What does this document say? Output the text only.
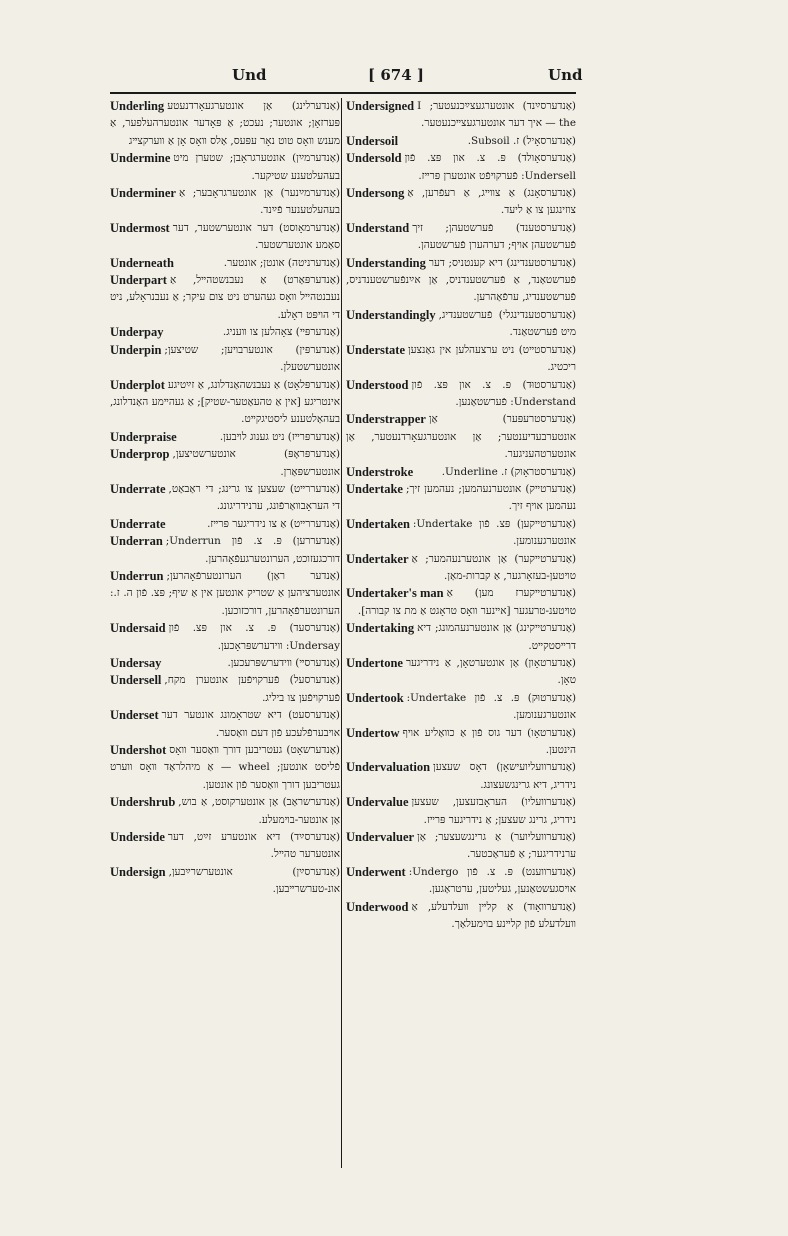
Und	[ 674 ]	Und

Underling (אַנדערלינג) אַן אונטערגעאָרדנעטע פּערזאָן; אונטער; נעכט; אַ פּאָדער אונטערהעלפער, אַ מענש װאָס טוט נאָר עפּעס, אַלס װאָס אָן אַ װערקצײג

Undermine (אַנדערמײַן) אונטערגראָבן; שטערן מיט בעהעלטענע שטיקער.

Underminer (אַנדערמײַנער) אַן אונטערגראָבער; אַ בעהעלטענער פֿײַנד.

Undermost (אַנדערמאָוסט) דער אונטערשטער, דער סאַמע אונטערשטער.

Underneath	(אַנדערניטה) אונטן; אונטער.

Underpart (אַנדערפּאַרט) אַ נעבנשטהײל, אַ נעבנטהײל װאָס געהערט ניט צום עיקר; אַ נעבנראָלע, ניט די הױפּט ראָלע.

Underpay	(אַנדערפּײ) צאָהלען צו װעניג.

Underpin (אַנדערפּין) אונטערבױען; שטיצען; אונטערשטעלן.

Underplot (אַנדערפּלאָט) אַ נעבנשהאַנדלונג, אַ זײַטיגע אינטריגע [אין אַ טהעאַטער-שטיק]; אַ געהײמע האַנדלונג, בעהאַלטענע ליסטיגקײט.

Underpraise	(אַנדערפּרײז) ניט גענוג לױבען.

Underprop (אַנדערפּראָפּ) אונטערשטיצען, אונטערשפּאַרן.

Underrate (אַנדעררײט) שעצען צו גרינג; די ראַבאַט, די העראָבװאַרפֿונג, ערנידריגונג.

Underrate	(אַנדעררײט) אַ צו נידריגער פּרײז.

Underran (אַנדעררען) פּ. צ. פֿון Underrun; דורכגעזוכט, הערונטערגעפֿאָהרען.

Underrun (אַנדער ראַן) הערונטערפֿאָהרען; אונטערציהען אַ שטריק אונטען אין אַ שיף; פּצ. פֿון ה. ז.: הערונטערפֿאָהרען, דורכזוכען.

Undersaid (אַנדערסעד) פּ. צ. און פּצ. פֿון Undersay: װידערשפּראָכען.

Undersay	(אַנדערסײ) װידערשפּרעכען.

Undersell (אַנדערסעל) פֿערקױפֿען אונטערן מקח, פֿערקױפֿען צו ביליג.

Underset (אַנדערסעט) דיא שטראָמונג אונטער דער אױבערפֿלעכע פֿון דעם װאַסער.

Undershot (אַנדערשאָט) געטריבען דורך װאַסער װאָס פֿליסט אונטען; wheel — אַ מיהלראַד װאָס װערט געטריבען דורך װאַסער פֿון אונטען.

Undershrub (אַנדערשראַב) אַן אונטערקוסט, אַ בוש, אַן אונטער-בױמעלע.

Underside (אַנדערסײַד) דיא אונטערע זײַט, דער אונטערער טהײל.

Undersign (אַנדערסײַן) אונטערשרײַבען, אונ-טערשרײבען.

Undersigned (אַנדערסײַנד) אונטערגעצײַכנעטער; I the — איך דער אונטערגעצײכנעטער.

Undersoil	(אַנדערסאָיל) ז. Subsoil.

Undersold (אַנדערסאָולד) פּ. צ. און פּצ. פֿון Undersell: פֿערקױפֿט אונטערן פּרײז.

Undersong (אַנדערסאָנג) אַ צװײג, אַ רעפֿרען, אַ צוזינגען צו אַ ליעד.

Understand (אַנדערסטענד) פֿערשטעהן; זיך פֿערשטעהן אױף; דערהערן פֿערשטעהן.

Understanding (אַנדערסטענדינג) דיא קענטניס; דער פֿערשטאַנד, אַ פֿערשטענדניס, אַן אײַנפֿערשטענדניס, פֿערשטענדיג, ערפֿאַהרען.

Understandingly (אַנדערסטענדינגלי) פֿערשטענדיג, מיט פֿערשטאַנד.

Understate (אַנדערסטײט) ניט ערצעהלען אין גאַנצען ריכטיג.

Understood (אַנדערסטוּד) פּ. צ. און פּצ. פֿון Understand: פֿערשטאַנען.

Understrapper (אַנדערסטרעפּער) אַן אונטערבעדיענטער; אַן אונטערגעאָרדנעטער, אַן אונטערטהעניגער.

Understroke	(אַנדערסטראָוק) ז. Underline.

Undertake (אַנדערטײק) אונטערנעהמען; נעהמען זיך; נעהמען אױף זיך.

Undertaken (אַנדערטײקען) פּצ. פֿון Undertake: אונטערגענומען.

Undertaker (אַנדערטײקער) אַן אונטערנעהמער; אַ טױטען-בעזאָרגער, אַ קברות-מאַן.

Undertaker's man (אַנדערטײקערז מען) אַ טױטענ-טרעגער [אײנער װאָס טראָגט אַ מת צו קבורה].

Undertaking (אַנדערטײקינג) אַן אונטערנעהמונג; דיא דרײסטקײט.

Undertone (אַנדערטאָון) אַן אונטערטאָן, אַ נידריגער טאָן.

Undertook (אַנדערטוּק) פּ. צ. פֿון Undertake: אונטערגענומען.

Undertow (אַנדערטאָו) דער גוס פֿון אַ כװאַליע אױף הינטען.

Undervaluation (אַנדערװעליועישאָן) דאָס שעצען נידריג, דיא גרינגשעצונג.

Undervalue (אַנדערװעליו) העראָבזעצען, שעצען נידריג, גרינג שעצען; אַ נידריגער פּרײז.

Undervaluer (אַנדערװעליוער) אַ גרינגשעצער; אַן ערנידריגער; אַ פֿעראַכטער.

Underwent (אַנדערװענט) פּ. צ. פֿון Undergo: אױסגעשטאַנען, געליטען, ערטראַגען.

Underwood (אַנדערװאָוד) אַ קלײן װעלדעלע, אַ װעלדעלע פֿון קלײנע בױמעלאַך.
